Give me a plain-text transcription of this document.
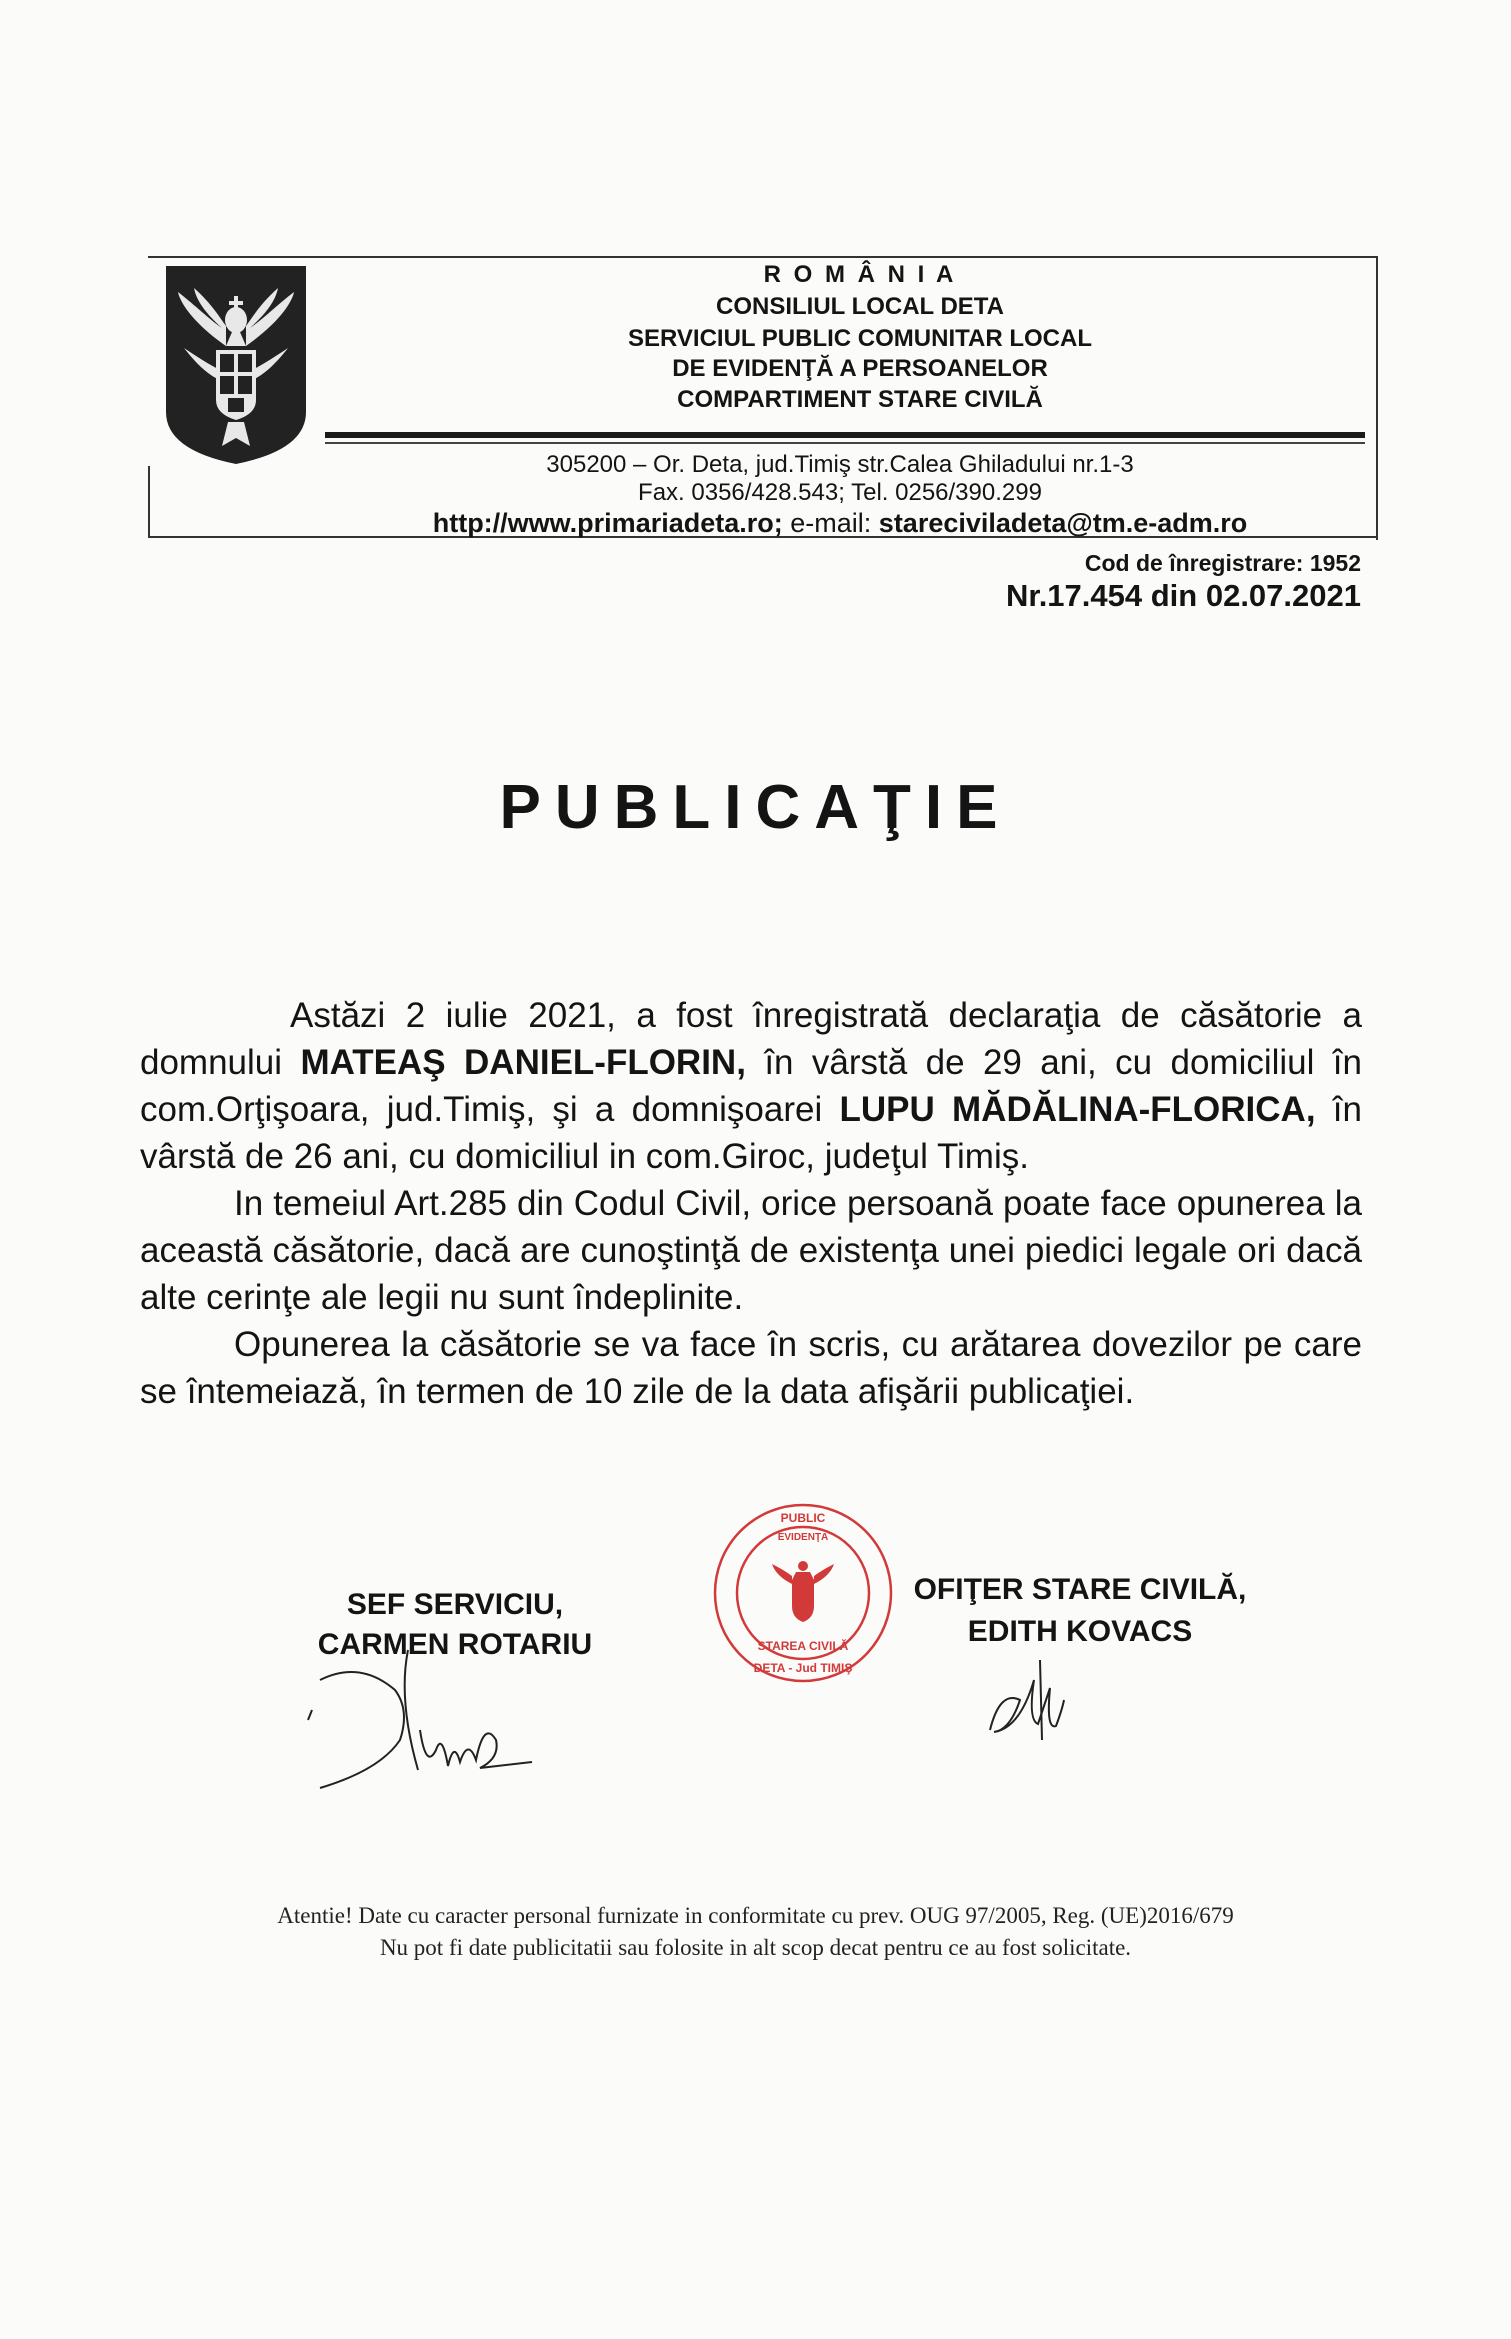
R O M Â N I A
CONSILIUL LOCAL DETA
SERVICIUL PUBLIC COMUNITAR LOCAL
DE EVIDENŢĂ A PERSOANELOR
COMPARTIMENT STARE CIVILĂ
305200 – Or. Deta, jud.Timiş str.Calea Ghiladului nr.1-3
Fax. 0356/428.543; Tel. 0256/390.299
http://www.primariadeta.ro; e-mail: stareciviladeta@tm.e-adm.ro
Cod de înregistrare: 1952
Nr.17.454 din 02.07.2021
PUBLICAŢIE

Astăzi 2 iulie 2021, a fost înregistrată declaraţia de căsătorie a domnului MATEAŞ DANIEL-FLORIN, în vârstă de 29 ani, cu domiciliul în com.Orţişoara, jud.Timiş, şi a domnişoarei LUPU MĂDĂLINA-FLORICA, în vârstă de 26 ani, cu domiciliul in com.Giroc, judeţul Timiş.

In temeiul Art.285 din Codul Civil, orice persoană poate face opunerea la această căsătorie, dacă are cunoştinţă de existenţa unei piedici legale ori dacă alte cerinţe ale legii nu sunt îndeplinite.

Opunerea la căsătorie se va face în scris, cu arătarea dovezilor pe care se întemeiază, în termen de 10 zile de la data afişării publicaţiei.

SEF SERVICIU,
CARMEN ROTARIU
PUBLIC
STAREA CIVILĂ
DETA - Jud TIMIŞ
EVIDENŢA
OFIŢER STARE CIVILĂ,
EDITH KOVACS
Atentie! Date cu caracter personal furnizate in conformitate cu prev. OUG 97/2005, Reg. (UE)2016/679
Nu pot fi date publicitatii sau folosite in alt scop decat pentru ce au fost solicitate.
